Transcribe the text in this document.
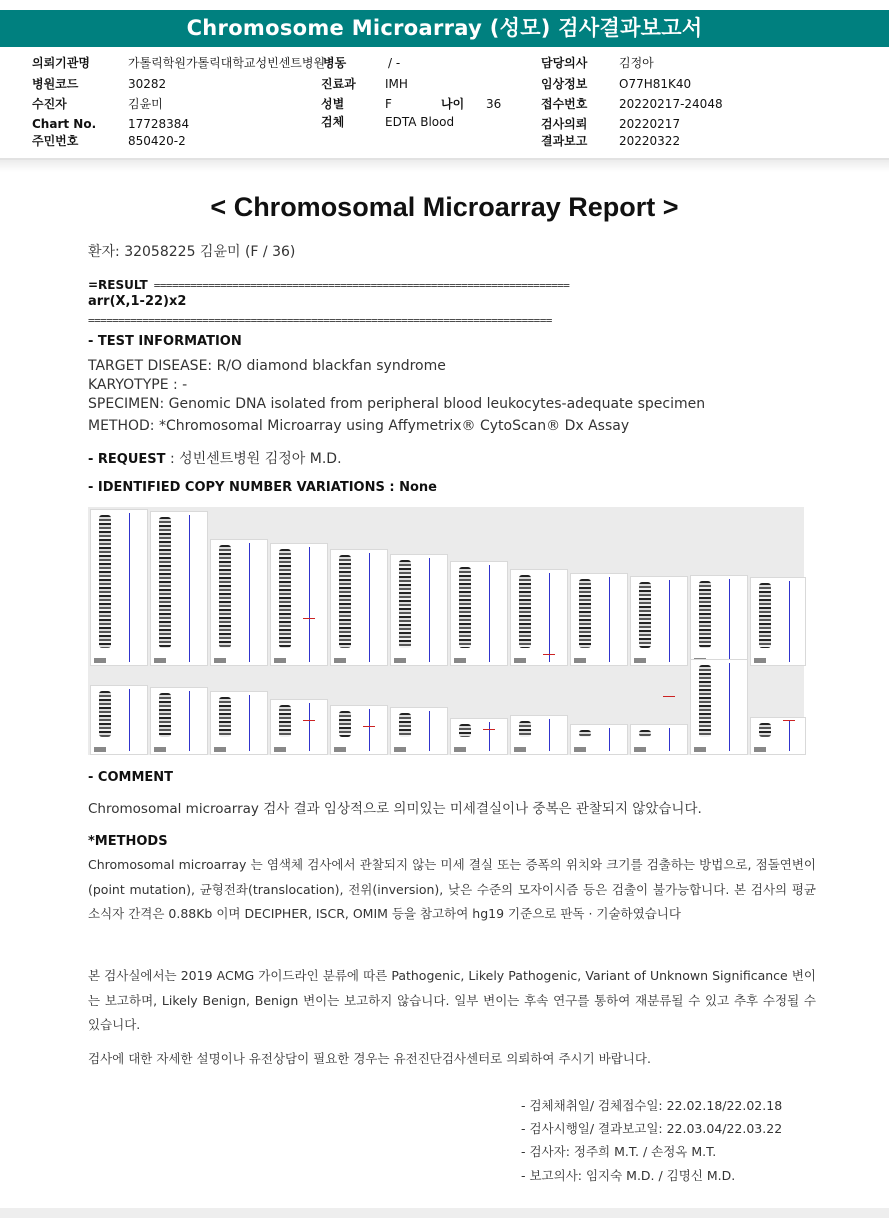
Chromosome Microarray (성모) 검사결과보고서
의뢰기관명	가톨릭학원가톨릭대학교성빈센트병원
병동	/ -	담당의사	김정아
병원코드	30282	진료과 IMH	임상정보	O77H81K40
수진자	김윤미	성별	F	나이 36	접수번호	20220217-24048
Chart No.	17728384	검체	EDTA Blood	검사의뢰	20220217
주민번호	850420-2	결과보고	20220322
< Chromosomal Microarray Report >
환자: 32058225 김윤미 (F / 36)
=RESULT =====================================================================
arr(X,1-22)x2
=============================================================================
- TEST INFORMATION
TARGET DISEASE: R/O diamond blackfan syndrome
KARYOTYPE : -
SPECIMEN: Genomic DNA isolated from peripheral blood leukocytes-adequate specimen
METHOD: *Chromosomal Microarray using Affymetrix® CytoScan® Dx Assay
- REQUEST : 성빈센트병원 김정아 M.D.
- IDENTIFIED COPY NUMBER VARIATIONS : None
- COMMENT
Chromosomal microarray 검사 결과 임상적으로 의미있는 미세결실이나 중복은 관찰되지 않았습니다.
*METHODS
Chromosomal microarray 는 염색체 검사에서 관찰되지 않는 미세 결실 또는 증폭의 위치와 크기를 검출하는 방법으로, 점돌연변이(point mutation), 균형전좌(translocation), 전위(inversion), 낮은 수준의 모자이시즘 등은 검출이 불가능합니다. 본 검사의 평균소식자 간격은 0.88Kb 이며 DECIPHER, ISCR, OMIM 등을 참고하여 hg19 기준으로 판독 · 기술하였습니다
본 검사실에서는 2019 ACMG 가이드라인 분류에 따른 Pathogenic, Likely Pathogenic, Variant of Unknown Significance 변이는 보고하며, Likely Benign, Benign 변이는 보고하지 않습니다. 일부 변이는 후속 연구를 통하여 재분류될 수 있고 추후 수정될 수 있습니다.
검사에 대한 자세한 설명이나 유전상담이 필요한 경우는 유전진단검사센터로 의뢰하여 주시기 바랍니다.
- 검체채취일/ 검체접수일: 22.02.18/22.02.18
- 검사시행일/ 결과보고일: 22.03.04/22.03.22
- 검사자: 정주희 M.T. / 손정옥 M.T.
- 보고의사: 임지숙 M.D. / 김명신 M.D.
